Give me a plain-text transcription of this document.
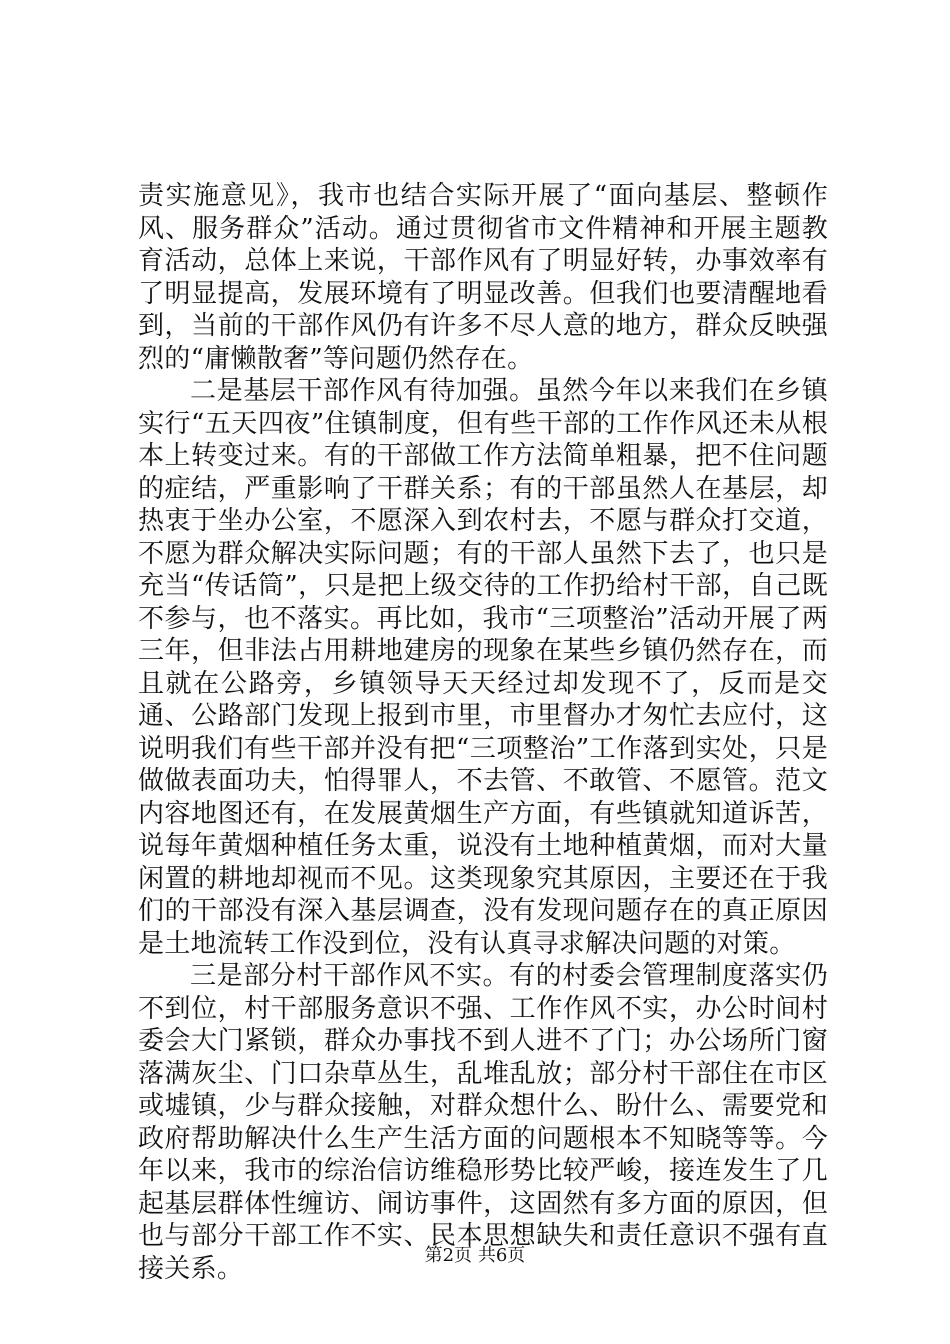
责实施意见》，我市也结合实际开展了“面向基层、整顿作风、服务群众”活动。通过贯彻省市文件精神和开展主题教育活动，总体上来说，干部作风有了明显好转，办事效率有了明显提高，发展环境有了明显改善。但我们也要清醒地看到，当前的干部作风仍有许多不尽人意的地方，群众反映强烈的“庸懒散奢”等问题仍然存在。

二是基层干部作风有待加强。虽然今年以来我们在乡镇实行“五天四夜”住镇制度，但有些干部的工作作风还未从根本上转变过来。有的干部做工作方法简单粗暴，把不住问题的症结，严重影响了干群关系；有的干部虽然人在基层，却热衷于坐办公室，不愿深入到农村去，不愿与群众打交道，不愿为群众解决实际问题；有的干部人虽然下去了，也只是充当“传话筒”，只是把上级交待的工作扔给村干部，自己既不参与，也不落实。再比如，我市“三项整治”活动开展了两三年，但非法占用耕地建房的现象在某些乡镇仍然存在，而且就在公路旁，乡镇领导天天经过却发现不了，反而是交通、公路部门发现上报到市里，市里督办才匆忙去应付，这说明我们有些干部并没有把“三项整治”工作落到实处，只是做做表面功夫，怕得罪人，不去管、不敢管、不愿管。范文内容地图还有，在发展黄烟生产方面，有些镇就知道诉苦，说每年黄烟种植任务太重，说没有土地种植黄烟，而对大量闲置的耕地却视而不见。这类现象究其原因，主要还在于我们的干部没有深入基层调查，没有发现问题存在的真正原因是土地流转工作没到位，没有认真寻求解决问题的对策。

三是部分村干部作风不实。有的村委会管理制度落实仍不到位，村干部服务意识不强、工作作风不实，办公时间村委会大门紧锁，群众办事找不到人进不了门；办公场所门窗落满灰尘、门口杂草丛生，乱堆乱放；部分村干部住在市区或墟镇，少与群众接触，对群众想什么、盼什么、需要党和政府帮助解决什么生产生活方面的问题根本不知晓等等。今年以来，我市的综治信访维稳形势比较严峻，接连发生了几起基层群体性缠访、闹访事件，这固然有多方面的原因，但也与部分干部工作不实、民本思想缺失和责任意识不强有直接关系。	第2页 共6页
